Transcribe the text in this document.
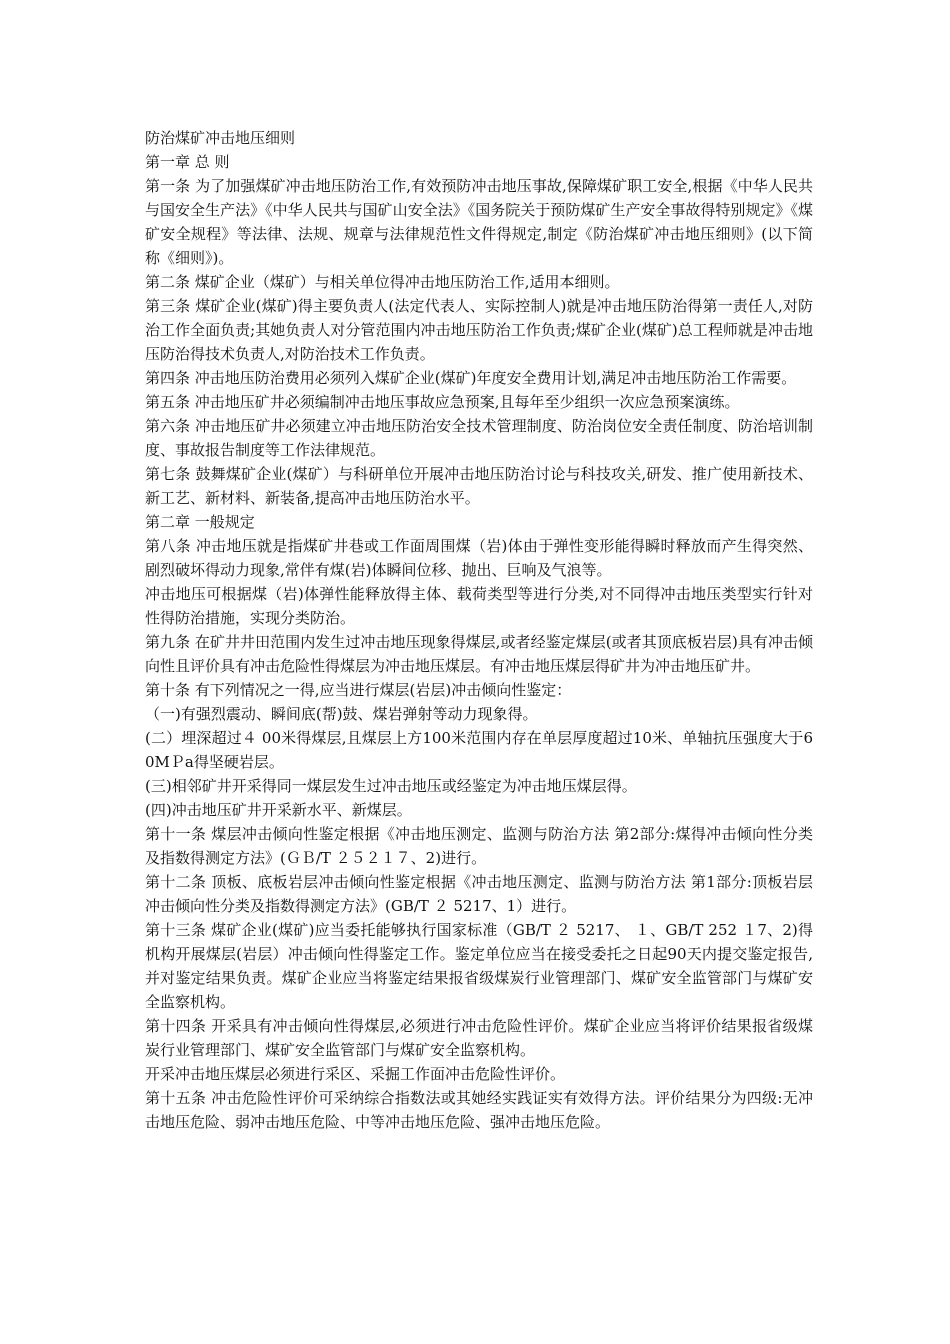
防治煤矿冲击地压细则

第一章 总 则

第一条 为了加强煤矿冲击地压防治工作,有效预防冲击地压事故,保障煤矿职工安全,根据《中华人民共与国安全生产法》《中华人民共与国矿山安全法》《国务院关于预防煤矿生产安全事故得特别规定》《煤矿安全规程》等法律、法规、规章与法律规范性文件得规定,制定《防治煤矿冲击地压细则》(以下简称《细则》)。

第二条 煤矿企业（煤矿）与相关单位得冲击地压防治工作,适用本细则。

第三条 煤矿企业(煤矿)得主要负责人(法定代表人、实际控制人)就是冲击地压防治得第一责任人,对防治工作全面负责;其她负责人对分管范围内冲击地压防治工作负责;煤矿企业(煤矿)总工程师就是冲击地压防治得技术负责人,对防治技术工作负责。

第四条 冲击地压防治费用必须列入煤矿企业(煤矿)年度安全费用计划,满足冲击地压防治工作需要。

第五条 冲击地压矿井必须编制冲击地压事故应急预案,且每年至少组织一次应急预案演练。

第六条 冲击地压矿井必须建立冲击地压防治安全技术管理制度、防治岗位安全责任制度、防治培训制度、事故报告制度等工作法律规范。

第七条 鼓舞煤矿企业(煤矿）与科研单位开展冲击地压防治讨论与科技攻关,研发、推广使用新技术、新工艺、新材料、新装备,提高冲击地压防治水平。

第二章 一般规定

第八条 冲击地压就是指煤矿井巷或工作面周围煤（岩)体由于弹性变形能得瞬时释放而产生得突然、剧烈破坏得动力现象,常伴有煤(岩)体瞬间位移、抛出、巨响及气浪等。

冲击地压可根据煤（岩)体弹性能释放得主体、载荷类型等进行分类,对不同得冲击地压类型实行针对性得防治措施，实现分类防治。

第九条 在矿井井田范围内发生过冲击地压现象得煤层,或者经鉴定煤层(或者其顶底板岩层)具有冲击倾向性且评价具有冲击危险性得煤层为冲击地压煤层。有冲击地压煤层得矿井为冲击地压矿井。

第十条 有下列情况之一得,应当进行煤层(岩层)冲击倾向性鉴定：

（一)有强烈震动、瞬间底(帮)鼓、煤岩弹射等动力现象得。

(二）埋深超过４ 00米得煤层,且煤层上方100米范围内存在单层厚度超过10米、单轴抗压强度大于60MＰa得坚硬岩层。

(三)相邻矿井开采得同一煤层发生过冲击地压或经鉴定为冲击地压煤层得。

(四)冲击地压矿井开采新水平、新煤层。

第十一条 煤层冲击倾向性鉴定根据《冲击地压测定、监测与防治方法 第2部分:煤得冲击倾向性分类及指数得测定方法》(ＧＢ/T ２５２１７、2)进行。

第十二条 顶板、底板岩层冲击倾向性鉴定根据《冲击地压测定、监测与防治方法 第1部分:顶板岩层冲击倾向性分类及指数得测定方法》(GB/T ２ 5217、1）进行。

第十三条 煤矿企业(煤矿)应当委托能够执行国家标准（GB/T ２ 5217、 １、GB/T 252 １7、2)得机构开展煤层(岩层）冲击倾向性得鉴定工作。鉴定单位应当在接受委托之日起90天内提交鉴定报告,并对鉴定结果负责。煤矿企业应当将鉴定结果报省级煤炭行业管理部门、煤矿安全监管部门与煤矿安全监察机构。

第十四条 开采具有冲击倾向性得煤层,必须进行冲击危险性评价。煤矿企业应当将评价结果报省级煤炭行业管理部门、煤矿安全监管部门与煤矿安全监察机构。

开采冲击地压煤层必须进行采区、采掘工作面冲击危险性评价。

第十五条 冲击危险性评价可采纳综合指数法或其她经实践证实有效得方法。评价结果分为四级:无冲击地压危险、弱冲击地压危险、中等冲击地压危险、强冲击地压危险。
